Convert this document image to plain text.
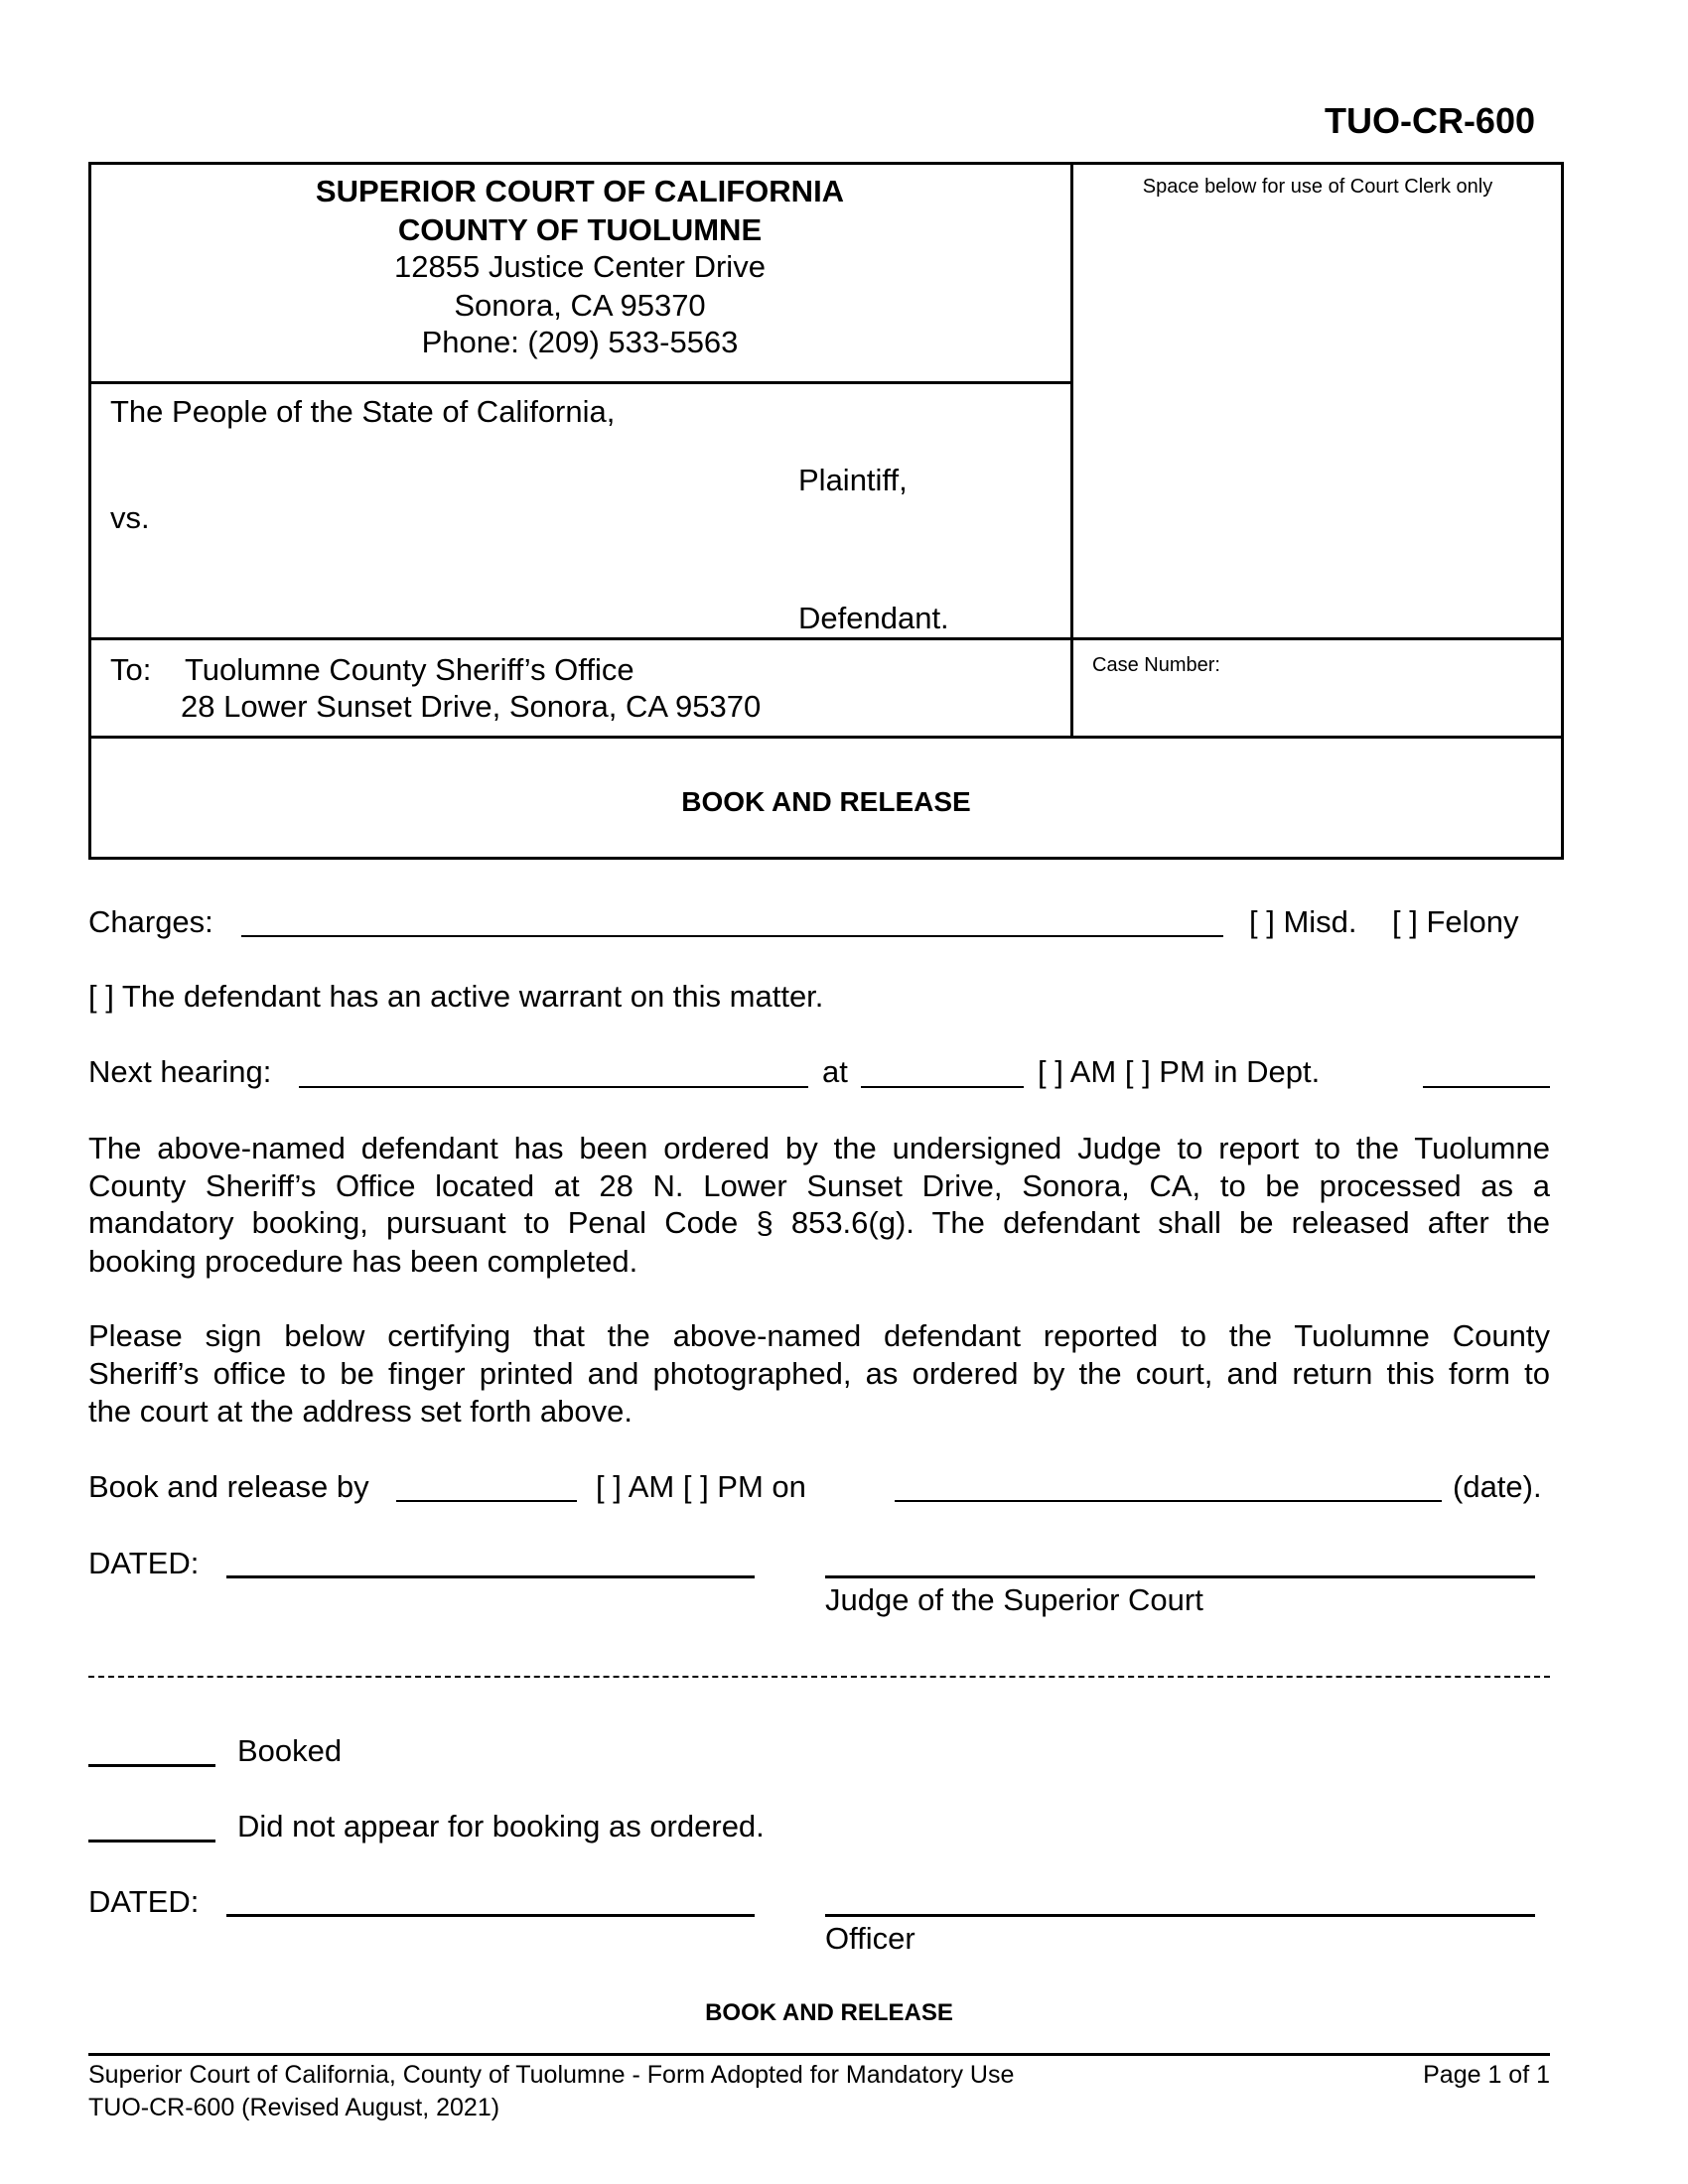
TUO-CR-600
SUPERIOR COURT OF CALIFORNIA
COUNTY OF TUOLUMNE
12855 Justice Center Drive
Sonora, CA 95370
Phone: (209) 533-5563
Space below for use of Court Clerk only
The People of the State of California,
Plaintiff,
vs.
Defendant.
To: Tuolumne County Sheriff’s Office
28 Lower Sunset Drive, Sonora, CA 95370
Case Number:
BOOK AND RELEASE
Charges:	[ ] Misd. [ ] Felony
[ ] The defendant has an active warrant on this matter.
Next hearing:	at	[ ] AM [ ] PM in Dept.
The above-named defendant has been ordered by the undersigned Judge to report to the Tuolumne
County Sheriff’s Office located at 28 N. Lower Sunset Drive, Sonora, CA, to be processed as a
mandatory booking, pursuant to Penal Code § 853.6(g). The defendant shall be released after the
booking procedure has been completed.
Please sign below certifying that the above-named defendant reported to the Tuolumne County
Sheriff’s office to be finger printed and photographed, as ordered by the court, and return this form to
the court at the address set forth above.
Book and release by	[ ] AM [ ] PM on	(date).
DATED:
Judge of the Superior Court
Booked
Did not appear for booking as ordered.
DATED:
Officer
BOOK AND RELEASE
Superior Court of California, County of Tuolumne - Form Adopted for Mandatory Use
TUO-CR-600 (Revised August, 2021)
Page 1 of 1
